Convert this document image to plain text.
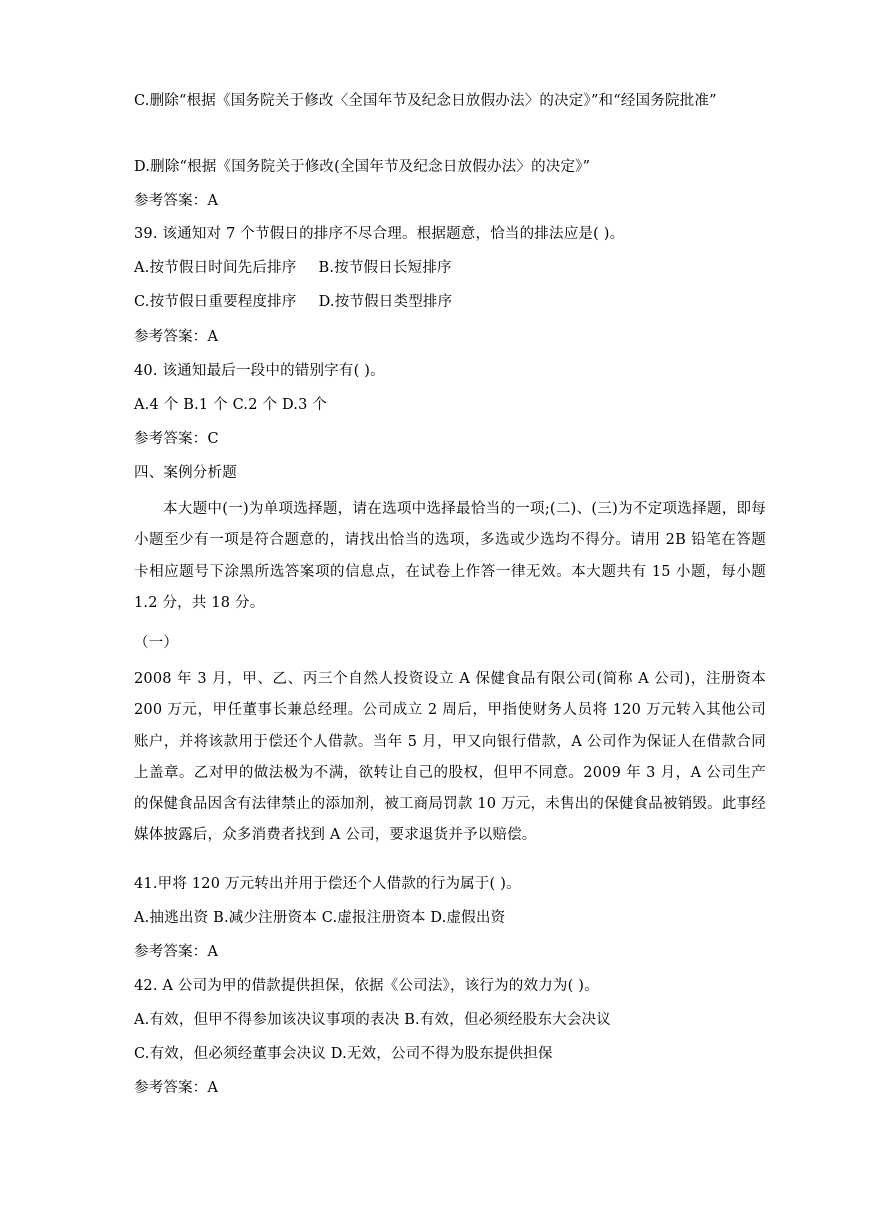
C.删除“根据《国务院关于修改〈全国年节及纪念日放假办法〉的决定》”和“经国务院批准”
D.删除“根据《国务院关于修改(全国年节及纪念日放假办法〉的决定》”
参考答案：A
39. 该通知对 7 个节假日的排序不尽合理。根据题意，恰当的排法应是( )。
A.按节假日时间先后排序 B.按节假日长短排序
C.按节假日重要程度排序 D.按节假日类型排序
参考答案：A
40. 该通知最后一段中的错别字有( )。
A.4 个 B.1 个 C.2 个 D.3 个
参考答案：C
四、案例分析题
本大题中(一)为单项选择题，请在选项中选择最恰当的一项;(二)、(三)为不定项选择题，即每小题至少有一项是符合题意的，请找出恰当的选项，多选或少选均不得分。请用 2B 铅笔在答题卡相应题号下涂黑所选答案项的信息点，在试卷上作答一律无效。本大题共有 15 小题，每小题 1.2 分，共 18 分。
（一）
2008 年 3 月，甲、乙、丙三个自然人投资设立 A 保健食品有限公司(简称 A 公司)，注册资本 200 万元，甲任董事长兼总经理。公司成立 2 周后，甲指使财务人员将 120 万元转入其他公司账户，并将该款用于偿还个人借款。当年 5 月，甲又向银行借款，A 公司作为保证人在借款合同上盖章。乙对甲的做法极为不满，欲转让自己的股权，但甲不同意。2009 年 3 月，A 公司生产的保健食品因含有法律禁止的添加剂，被工商局罚款 10 万元，未售出的保健食品被销毁。此事经媒体披露后，众多消费者找到 A 公司，要求退货并予以赔偿。
41.甲将 120 万元转出并用于偿还个人借款的行为属于( )。
A.抽逃出资 B.减少注册资本 C.虚报注册资本 D.虚假出资
参考答案：A
42. A 公司为甲的借款提供担保，依据《公司法》，该行为的效力为( )。
A.有效，但甲不得参加该决议事项的表决 B.有效，但必须经股东大会决议
C.有效，但必须经董事会决议 D.无效，公司不得为股东提供担保
参考答案：A
